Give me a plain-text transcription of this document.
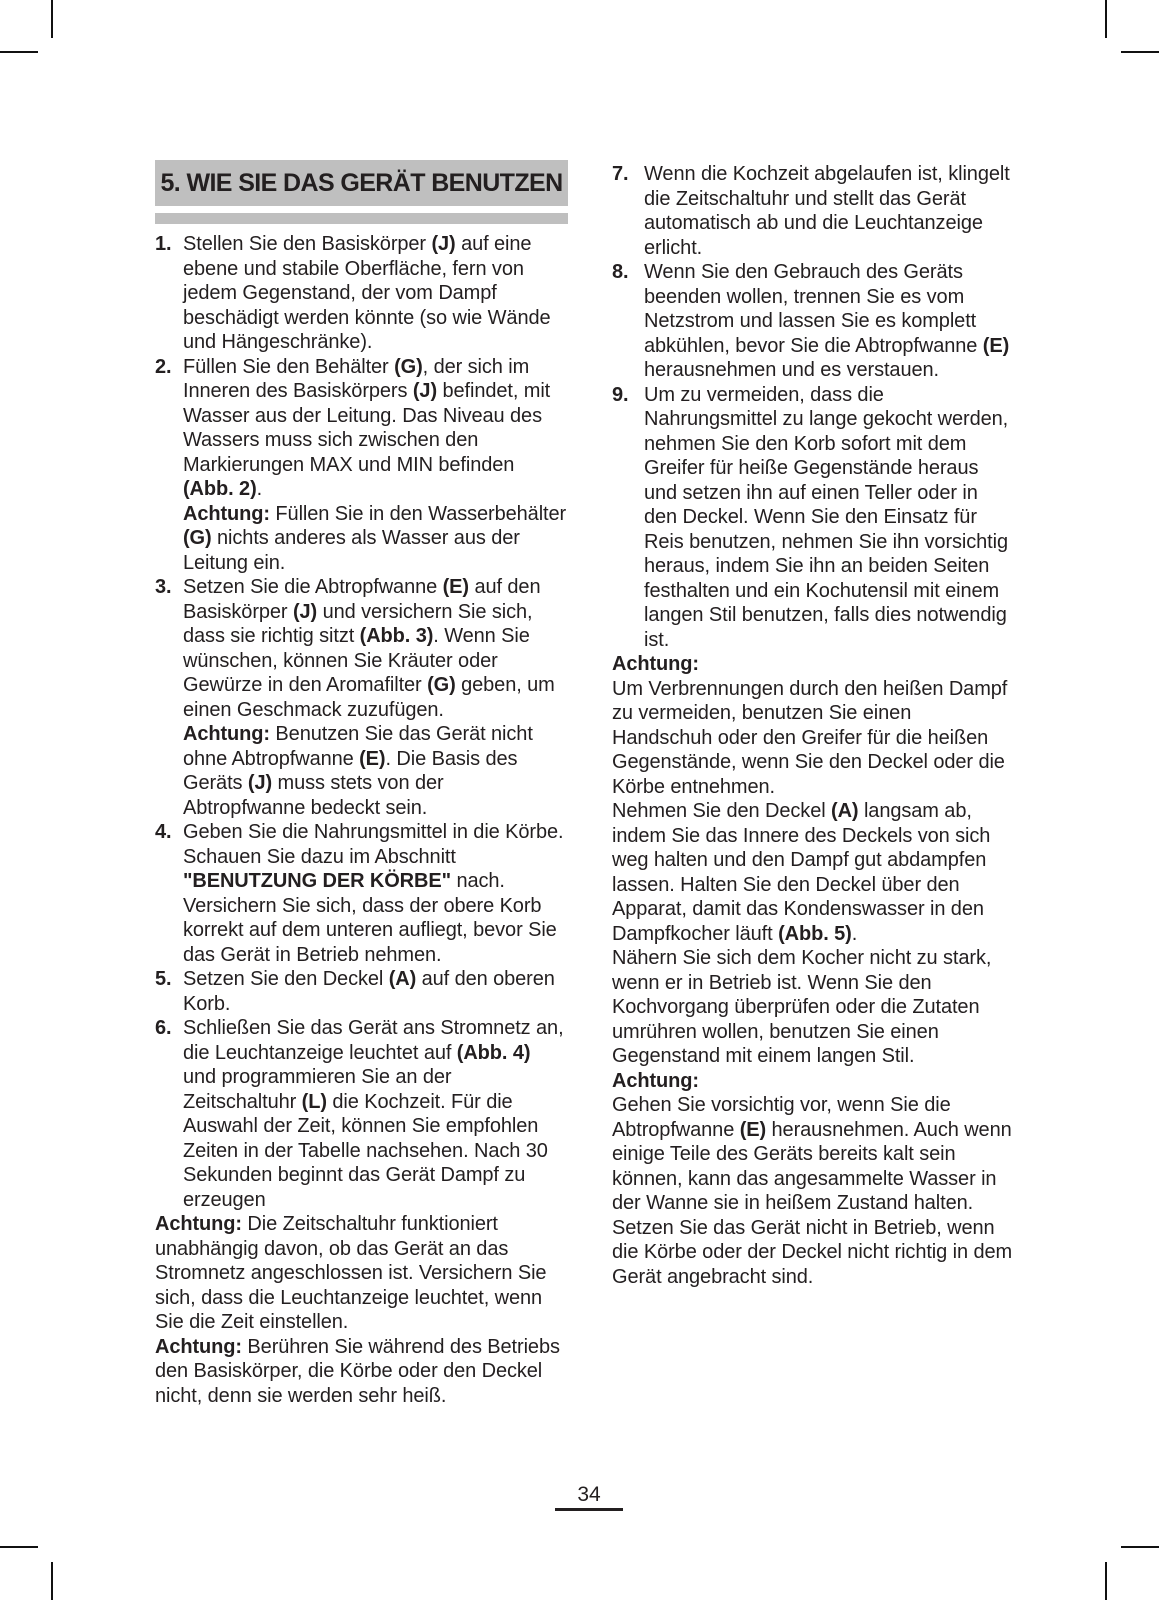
5. WIE SIE DAS GERÄT BENUTZEN
1. Stellen Sie den Basiskörper (J) auf eine ebene und stabile Oberfläche, fern von jedem Gegenstand, der vom Dampf beschädigt werden könnte (so wie Wände und Hängeschränke).
2. Füllen Sie den Behälter (G), der sich im Inneren des Basiskörpers (J) befindet, mit Wasser aus der Leitung. Das Niveau des Wassers muss sich zwischen den Markierungen MAX und MIN befinden (Abb. 2).
Achtung: Füllen Sie in den Wasserbehälter (G) nichts anderes als Wasser aus der Leitung ein.
3. Setzen Sie die Abtropfwanne (E) auf den Basiskörper (J) und versichern Sie sich, dass sie richtig sitzt (Abb. 3). Wenn Sie wünschen, können Sie Kräuter oder Gewürze in den Aromafilter (G) geben, um einen Geschmack zuzufügen.
Achtung: Benutzen Sie das Gerät nicht ohne Abtropfwanne (E). Die Basis des Geräts (J) muss stets von der Abtropfwanne bedeckt sein.
4. Geben Sie die Nahrungsmittel in die Körbe. Schauen Sie dazu im Abschnitt "BENUTZUNG DER KÖRBE" nach. Versichern Sie sich, dass der obere Korb korrekt auf dem unteren aufliegt, bevor Sie das Gerät in Betrieb nehmen.
5. Setzen Sie den Deckel (A) auf den oberen Korb.
6. Schließen Sie das Gerät ans Stromnetz an, die Leuchtanzeige leuchtet auf (Abb. 4) und programmieren Sie an der Zeitschaltuhr (L) die Kochzeit. Für die Auswahl der Zeit, können Sie empfohlen Zeiten in der Tabelle nachsehen. Nach 30 Sekunden beginnt das Gerät Dampf zu erzeugen

Achtung: Die Zeitschaltuhr funktioniert unabhängig davon, ob das Gerät an das Stromnetz angeschlossen ist. Versichern Sie sich, dass die Leuchtanzeige leuchtet, wenn Sie die Zeit einstellen.

Achtung: Berühren Sie während des Betriebs den Basiskörper, die Körbe oder den Deckel nicht, denn sie werden sehr heiß.

7. Wenn die Kochzeit abgelaufen ist, klingelt die Zeitschaltuhr und stellt das Gerät automatisch ab und die Leuchtanzeige erlicht.
8. Wenn Sie den Gebrauch des Geräts beenden wollen, trennen Sie es vom Netzstrom und lassen Sie es komplett abkühlen, bevor Sie die Abtropfwanne (E) herausnehmen und es verstauen.
9. Um zu vermeiden, dass die Nahrungsmittel zu lange gekocht werden, nehmen Sie den Korb sofort mit dem Greifer für heiße Gegenstände heraus und setzen ihn auf einen Teller oder in den Deckel. Wenn Sie den Einsatz für Reis benutzen, nehmen Sie ihn vorsichtig heraus, indem Sie ihn an beiden Seiten festhalten und ein Kochutensil mit einem langen Stil benutzen, falls dies notwendig ist.

Achtung:
Um Verbrennungen durch den heißen Dampf zu vermeiden, benutzen Sie einen Handschuh oder den Greifer für die heißen Gegenstände, wenn Sie den Deckel oder die Körbe entnehmen.

Nehmen Sie den Deckel (A) langsam ab, indem Sie das Innere des Deckels von sich weg halten und den Dampf gut abdampfen lassen. Halten Sie den Deckel über den Apparat, damit das Kondenswasser in den Dampfkocher läuft (Abb. 5).

Nähern Sie sich dem Kocher nicht zu stark, wenn er in Betrieb ist. Wenn Sie den Kochvorgang überprüfen oder die Zutaten umrühren wollen, benutzen Sie einen Gegenstand mit einem langen Stil.

Achtung:
Gehen Sie vorsichtig vor, wenn Sie die Abtropfwanne (E) herausnehmen. Auch wenn einige Teile des Geräts bereits kalt sein können, kann das angesammelte Wasser in der Wanne sie in heißem Zustand halten.

Setzen Sie das Gerät nicht in Betrieb, wenn die Körbe oder der Deckel nicht richtig in dem Gerät angebracht sind.

34
